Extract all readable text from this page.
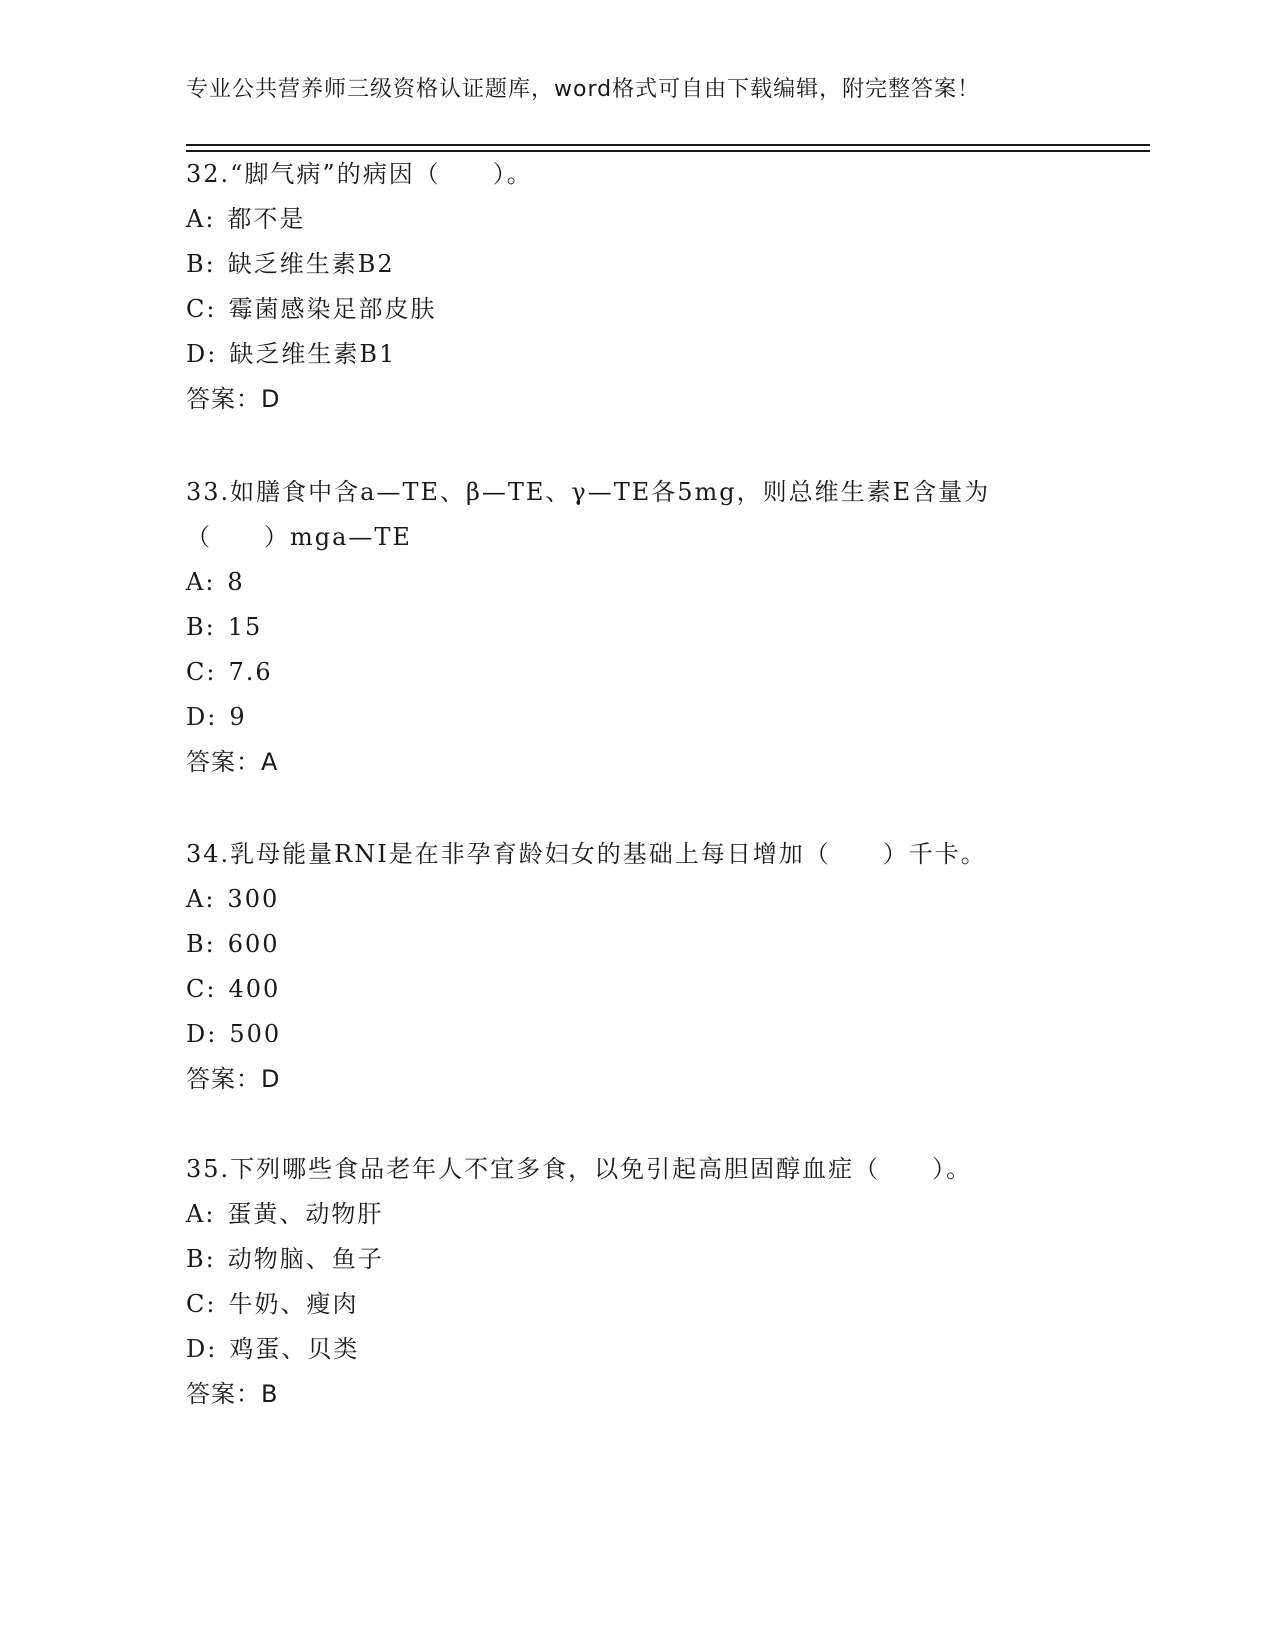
专业公共营养师三级资格认证题库，word格式可自由下载编辑，附完整答案！
32.“脚气病”的病因（　　）。
A: 都不是
B: 缺乏维生素B2
C: 霉菌感染足部皮肤
D: 缺乏维生素B1
答案：D
33.如膳食中含a—TE、β—TE、γ—TE各5mg，则总维生素E含量为（　　）mga—TE
A: 8
B: 15
C: 7.6
D: 9
答案：A
34.乳母能量RNI是在非孕育龄妇女的基础上每日增加（　　）千卡。
A: 300
B: 600
C: 400
D: 500
答案：D
35.下列哪些食品老年人不宜多食，以免引起高胆固醇血症（　　）。
A: 蛋黄、动物肝
B: 动物脑、鱼子
C: 牛奶、瘦肉
D: 鸡蛋、贝类
答案：B
